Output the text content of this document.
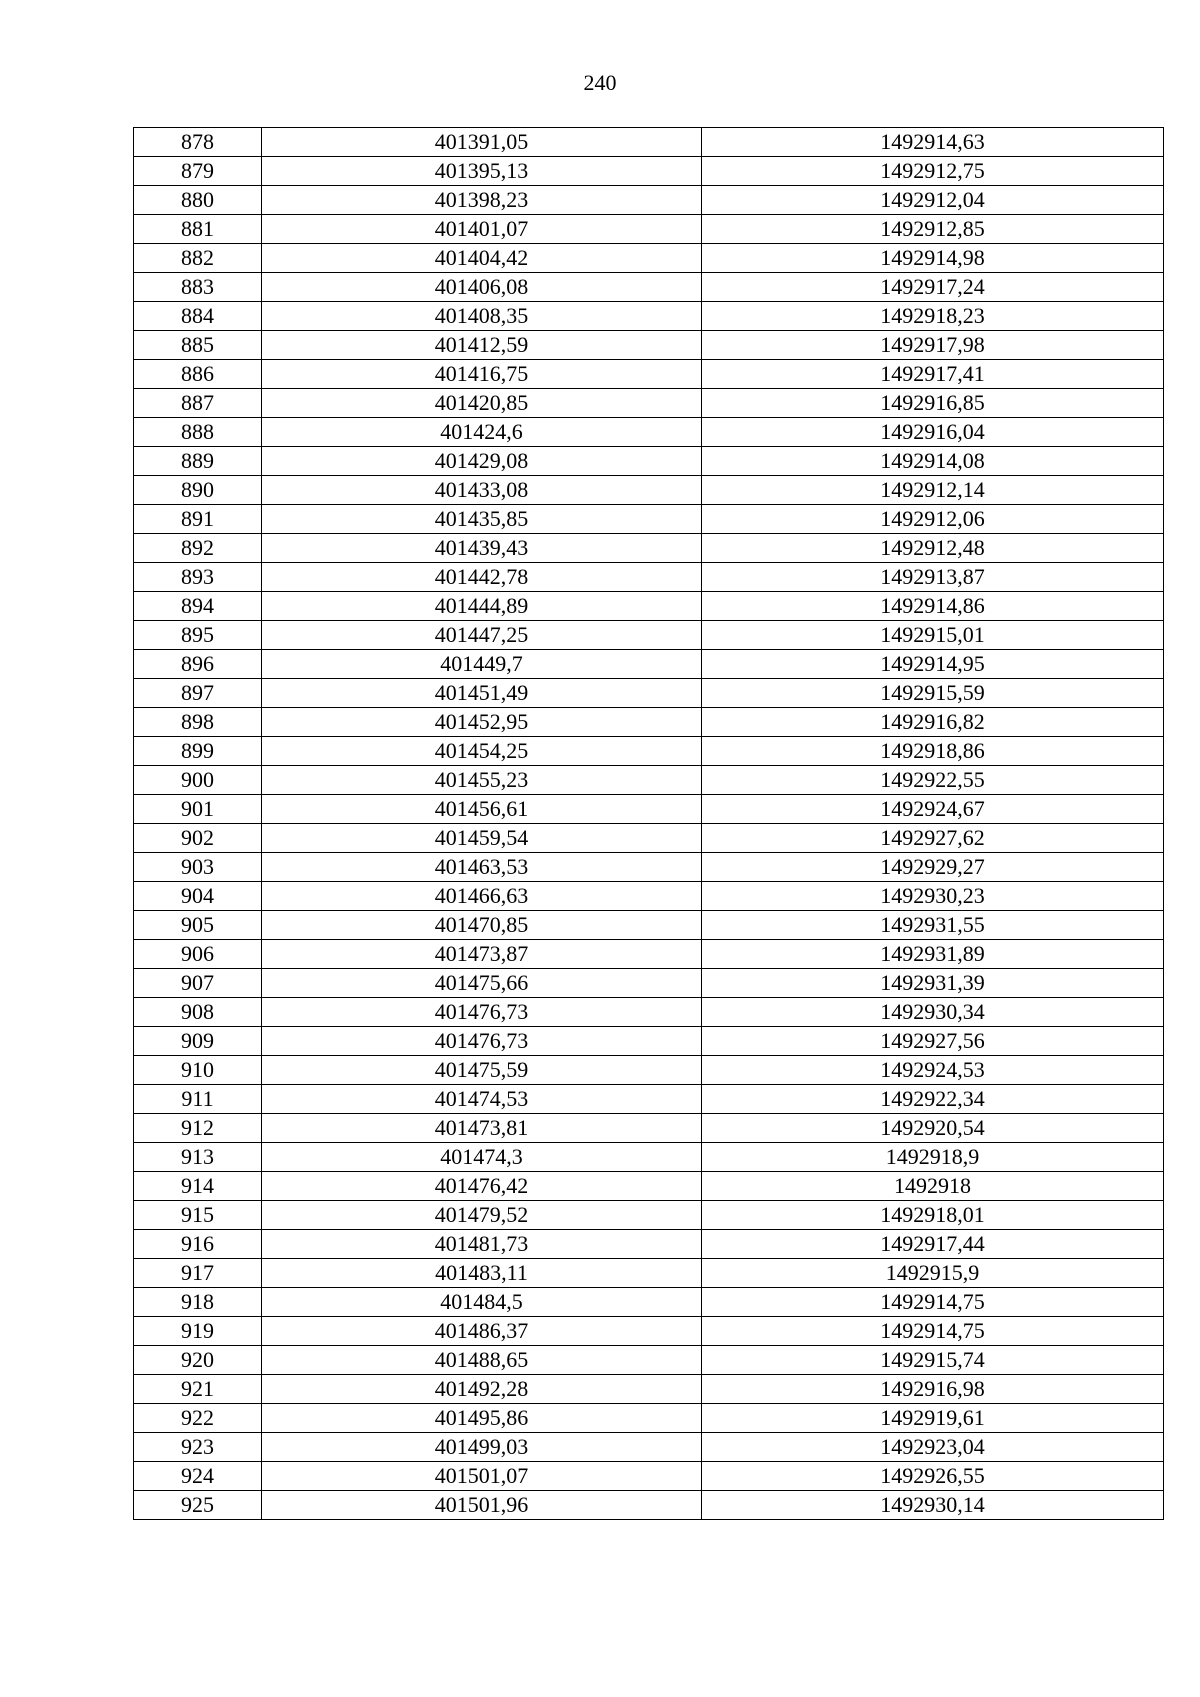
240
878	401391,05	1492914,63
879	401395,13	1492912,75
880	401398,23	1492912,04
881	401401,07	1492912,85
882	401404,42	1492914,98
883	401406,08	1492917,24
884	401408,35	1492918,23
885	401412,59	1492917,98
886	401416,75	1492917,41
887	401420,85	1492916,85
888	401424,6	1492916,04
889	401429,08	1492914,08
890	401433,08	1492912,14
891	401435,85	1492912,06
892	401439,43	1492912,48
893	401442,78	1492913,87
894	401444,89	1492914,86
895	401447,25	1492915,01
896	401449,7	1492914,95
897	401451,49	1492915,59
898	401452,95	1492916,82
899	401454,25	1492918,86
900	401455,23	1492922,55
901	401456,61	1492924,67
902	401459,54	1492927,62
903	401463,53	1492929,27
904	401466,63	1492930,23
905	401470,85	1492931,55
906	401473,87	1492931,89
907	401475,66	1492931,39
908	401476,73	1492930,34
909	401476,73	1492927,56
910	401475,59	1492924,53
911	401474,53	1492922,34
912	401473,81	1492920,54
913	401474,3	1492918,9
914	401476,42	1492918
915	401479,52	1492918,01
916	401481,73	1492917,44
917	401483,11	1492915,9
918	401484,5	1492914,75
919	401486,37	1492914,75
920	401488,65	1492915,74
921	401492,28	1492916,98
922	401495,86	1492919,61
923	401499,03	1492923,04
924	401501,07	1492926,55
925	401501,96	1492930,14
